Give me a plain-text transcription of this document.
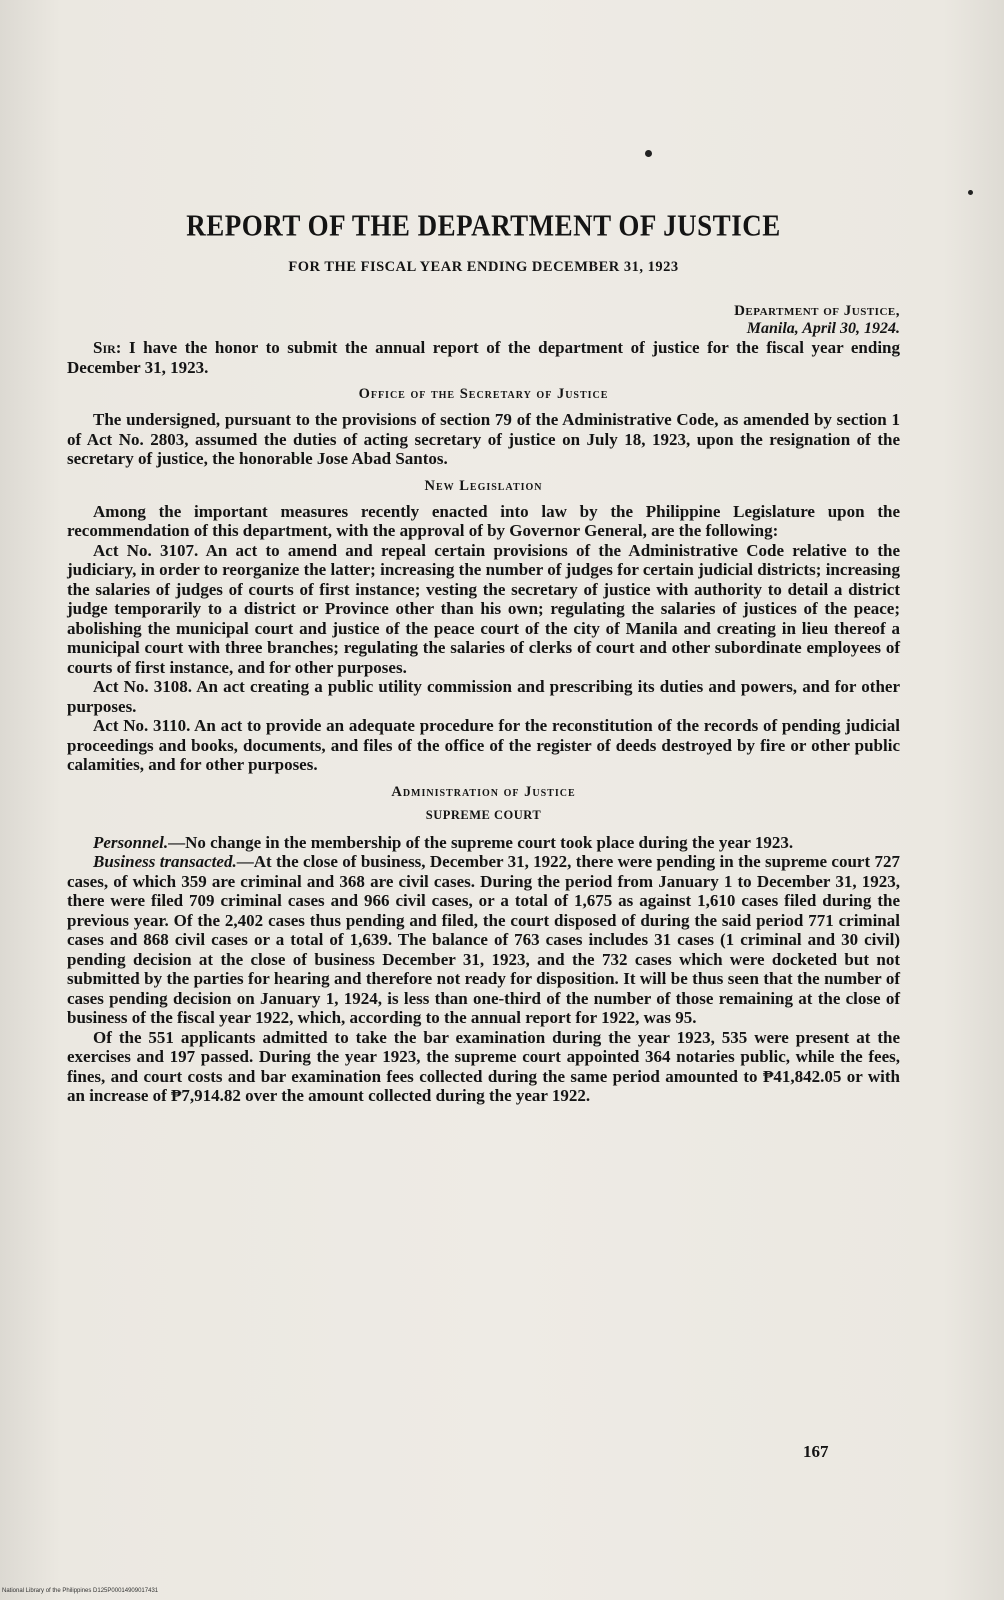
REPORT OF THE DEPARTMENT OF JUSTICE
FOR THE FISCAL YEAR ENDING DECEMBER 31, 1923
Department of Justice,
Manila, April 30, 1924.

Sir: I have the honor to submit the annual report of the department of justice for the fiscal year ending December 31, 1923.

Office of the Secretary of Justice

The undersigned, pursuant to the provisions of section 79 of the Administrative Code, as amended by section 1 of Act No. 2803, assumed the duties of acting secretary of justice on July 18, 1923, upon the resignation of the secretary of justice, the honorable Jose Abad Santos.

New Legislation

Among the important measures recently enacted into law by the Philippine Legislature upon the recommendation of this department, with the approval of by Governor General, are the following:

Act No. 3107. An act to amend and repeal certain provisions of the Administrative Code relative to the judiciary, in order to reorganize the latter; increasing the number of judges for certain judicial districts; increasing the salaries of judges of courts of first instance; vesting the secretary of justice with authority to detail a district judge temporarily to a district or Province other than his own; regulating the salaries of justices of the peace; abolishing the municipal court and justice of the peace court of the city of Manila and creating in lieu thereof a municipal court with three branches; regulating the salaries of clerks of court and other subordinate employees of courts of first instance, and for other purposes.

Act No. 3108. An act creating a public utility commission and prescribing its duties and powers, and for other purposes.

Act No. 3110. An act to provide an adequate procedure for the reconstitution of the records of pending judicial proceedings and books, documents, and files of the office of the register of deeds destroyed by fire or other public calamities, and for other purposes.

Administration of Justice
SUPREME COURT

Personnel.—No change in the membership of the supreme court took place during the year 1923.

Business transacted.—At the close of business, December 31, 1922, there were pending in the supreme court 727 cases, of which 359 are criminal and 368 are civil cases. During the period from January 1 to December 31, 1923, there were filed 709 criminal cases and 966 civil cases, or a total of 1,675 as against 1,610 cases filed during the previous year. Of the 2,402 cases thus pending and filed, the court disposed of during the said period 771 criminal cases and 868 civil cases or a total of 1,639. The balance of 763 cases includes 31 cases (1 criminal and 30 civil) pending decision at the close of business December 31, 1923, and the 732 cases which were docketed but not submitted by the parties for hearing and therefore not ready for disposition. It will be thus seen that the number of cases pending decision on January 1, 1924, is less than one-third of the number of those remaining at the close of business of the fiscal year 1922, which, according to the annual report for 1922, was 95.

Of the 551 applicants admitted to take the bar examination during the year 1923, 535 were present at the exercises and 197 passed. During the year 1923, the supreme court appointed 364 notaries public, while the fees, fines, and court costs and bar examination fees collected during the same period amounted to ₱41,842.05 or with an increase of ₱7,914.82 over the amount collected during the year 1922.

167
National Library of the Philippines D125P00014909017431
